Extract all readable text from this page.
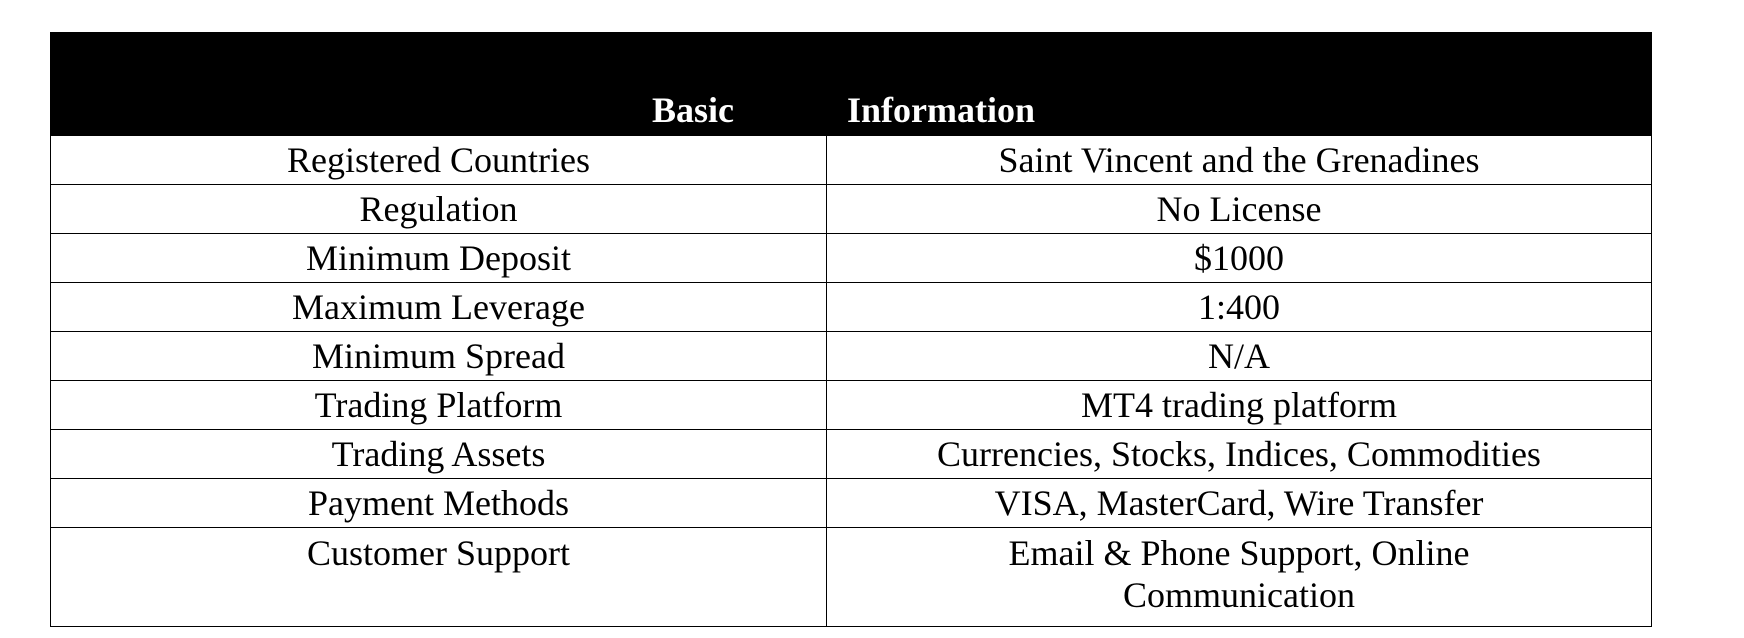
Basic	Information
Registered Countries	Saint Vincent and the Grenadines
Regulation	No License
Minimum Deposit	$1000
Maximum Leverage	1:400
Minimum Spread	N/A
Trading Platform	MT4 trading platform
Trading Assets	Currencies, Stocks, Indices, Commodities
Payment Methods	VISA, MasterCard, Wire Transfer
Customer Support	Email & Phone Support, Online
Communication
